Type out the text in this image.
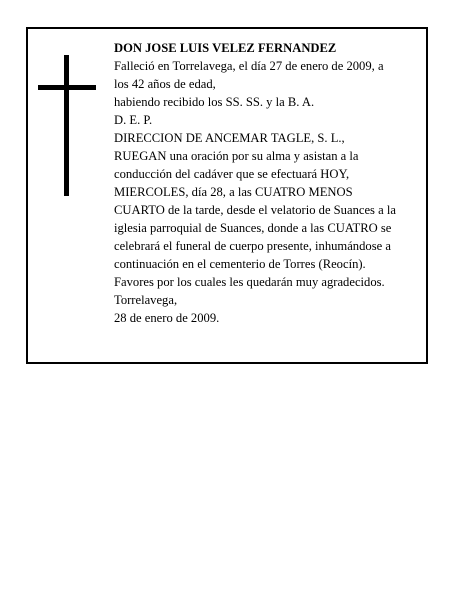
DON JOSE LUIS VELEZ FERNANDEZ
Falleció en Torrelavega, el día 27 de enero de 2009, a
los 42 años de edad,
habiendo recibido los SS. SS. y la B. A.
D. E. P.
DIRECCION DE ANCEMAR TAGLE, S. L.,
RUEGAN una oración por su alma y asistan a la
conducción del cadáver que se efectuará HOY,
MIERCOLES, día 28, a las CUATRO MENOS
CUARTO de la tarde, desde el velatorio de Suances a la
iglesia parroquial de Suances, donde a las CUATRO se
celebrará el funeral de cuerpo presente, inhumándose a
continuación en el cementerio de Torres (Reocín).
Favores por los cuales les quedarán muy agradecidos.
Torrelavega,
28 de enero de 2009.
